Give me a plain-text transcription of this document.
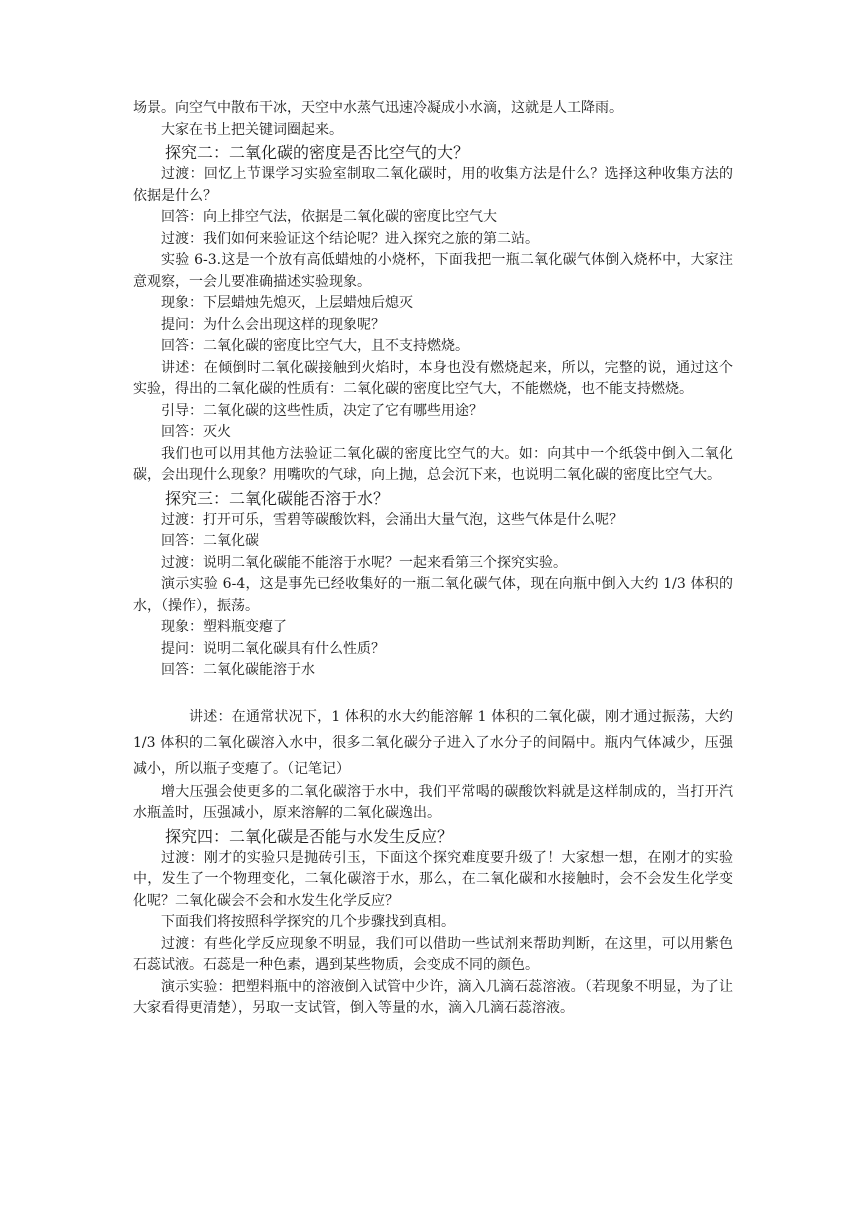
场景。向空气中散布干冰，天空中水蒸气迅速冷凝成小水滴，这就是人工降雨。

大家在书上把关键词圈起来。

探究二：二氧化碳的密度是否比空气的大？

过渡：回忆上节课学习实验室制取二氧化碳时，用的收集方法是什么？选择这种收集方法的依据是什么？

回答：向上排空气法，依据是二氧化碳的密度比空气大

过渡：我们如何来验证这个结论呢？进入探究之旅的第二站。

实验 6-3.这是一个放有高低蜡烛的小烧杯，下面我把一瓶二氧化碳气体倒入烧杯中，大家注意观察，一会儿要准确描述实验现象。

现象：下层蜡烛先熄灭，上层蜡烛后熄灭

提问：为什么会出现这样的现象呢？

回答：二氧化碳的密度比空气大，且不支持燃烧。

讲述：在倾倒时二氧化碳接触到火焰时，本身也没有燃烧起来，所以，完整的说，通过这个实验，得出的二氧化碳的性质有：二氧化碳的密度比空气大，不能燃烧，也不能支持燃烧。

引导：二氧化碳的这些性质，决定了它有哪些用途？

回答：灭火

我们也可以用其他方法验证二氧化碳的密度比空气的大。如：向其中一个纸袋中倒入二氧化碳，会出现什么现象？用嘴吹的气球，向上抛，总会沉下来，也说明二氧化碳的密度比空气大。

探究三：二氧化碳能否溶于水？

过渡：打开可乐，雪碧等碳酸饮料，会涌出大量气泡，这些气体是什么呢？

回答：二氧化碳

过渡：说明二氧化碳能不能溶于水呢？一起来看第三个探究实验。

演示实验 6-4，这是事先已经收集好的一瓶二氧化碳气体，现在向瓶中倒入大约 1/3 体积的水，（操作），振荡。

现象：塑料瓶变瘪了

提问：说明二氧化碳具有什么性质？

回答：二氧化碳能溶于水

讲述：在通常状况下，1 体积的水大约能溶解 1 体积的二氧化碳，刚才通过振荡，大约 1/3 体积的二氧化碳溶入水中，很多二氧化碳分子进入了水分子的间隔中。瓶内气体减少，压强减小，所以瓶子变瘪了。（记笔记）

增大压强会使更多的二氧化碳溶于水中，我们平常喝的碳酸饮料就是这样制成的，当打开汽水瓶盖时，压强减小，原来溶解的二氧化碳逸出。

探究四：二氧化碳是否能与水发生反应？

过渡：刚才的实验只是抛砖引玉，下面这个探究难度要升级了！大家想一想，在刚才的实验中，发生了一个物理变化，二氧化碳溶于水，那么，在二氧化碳和水接触时，会不会发生化学变化呢？二氧化碳会不会和水发生化学反应？

下面我们将按照科学探究的几个步骤找到真相。

过渡：有些化学反应现象不明显，我们可以借助一些试剂来帮助判断，在这里，可以用紫色石蕊试液。石蕊是一种色素，遇到某些物质，会变成不同的颜色。

演示实验：把塑料瓶中的溶液倒入试管中少许，滴入几滴石蕊溶液。（若现象不明显，为了让大家看得更清楚），另取一支试管，倒入等量的水，滴入几滴石蕊溶液。
